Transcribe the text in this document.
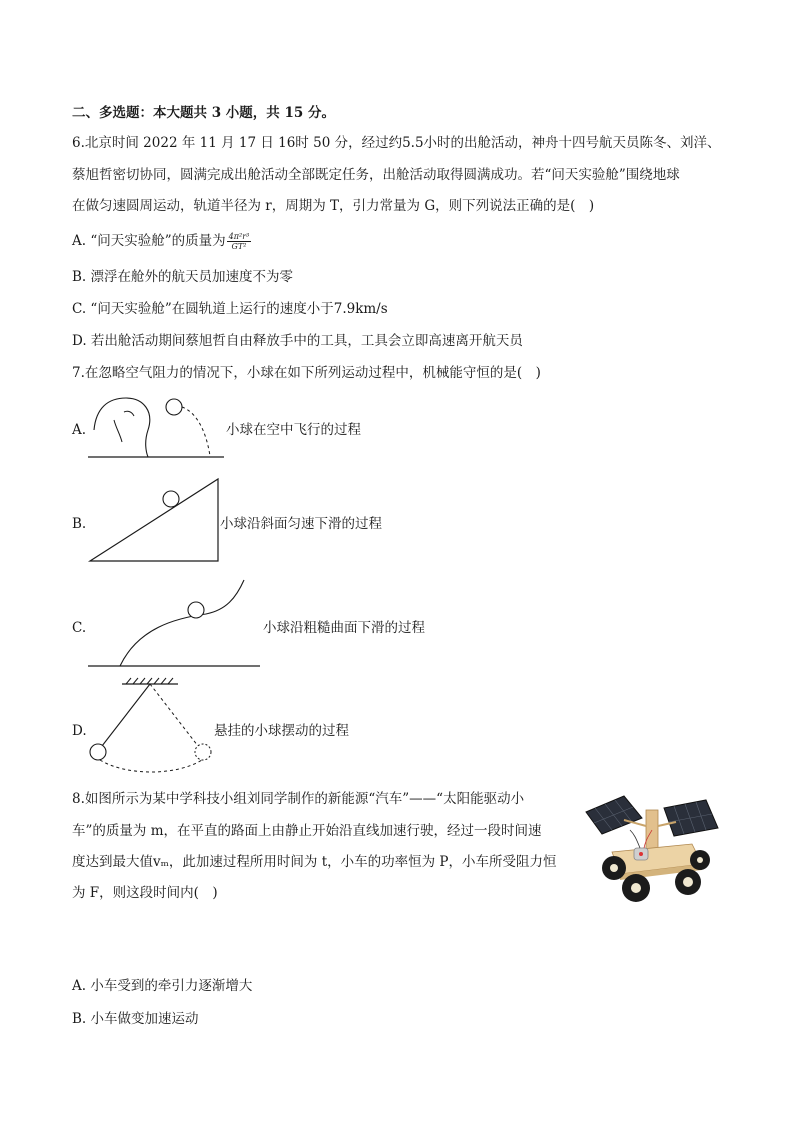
二、多选题：本大题共 3 小题，共 15 分。
6.北京时间 2022 年 11 月 17 日 16时 50 分，经过约5.5小时的出舱活动，神舟十四号航天员陈冬、刘洋、
蔡旭哲密切协同，圆满完成出舱活动全部既定任务，出舱活动取得圆满成功。若“问天实验舱”围绕地球
在做匀速圆周运动，轨道半径为 r，周期为 T，引力常量为 G，则下列说法正确的是(　)
A. “问天实验舱”的质量为 $\frac{\text{4π²r³}}{\text{GT²}}$
B. 漂浮在舱外的航天员加速度不为零
C. “问天实验舱”在圆轨道上运行的速度小于7.9km/s
D. 若出舱活动期间蔡旭哲自由释放手中的工具，工具会立即高速离开航天员
7.在忽略空气阻力的情况下，小球在如下所列运动过程中，机械能守恒的是(　)
A.	小球在空中飞行的过程
B.	小球沿斜面匀速下滑的过程
C.	小球沿粗糙曲面下滑的过程
D.	悬挂的小球摆动的过程
8.如图所示为某中学科技小组刘同学制作的新能源“汽车”——“太阳能驱动小
车”的质量为 m，在平直的路面上由静止开始沿直线加速行驶，经过一段时间速
度达到最大值vₘ，此加速过程所用时间为 t，小车的功率恒为 P，小车所受阻力恒
为 F，则这段时间内(　)
A. 小车受到的牵引力逐渐增大
B. 小车做变加速运动
